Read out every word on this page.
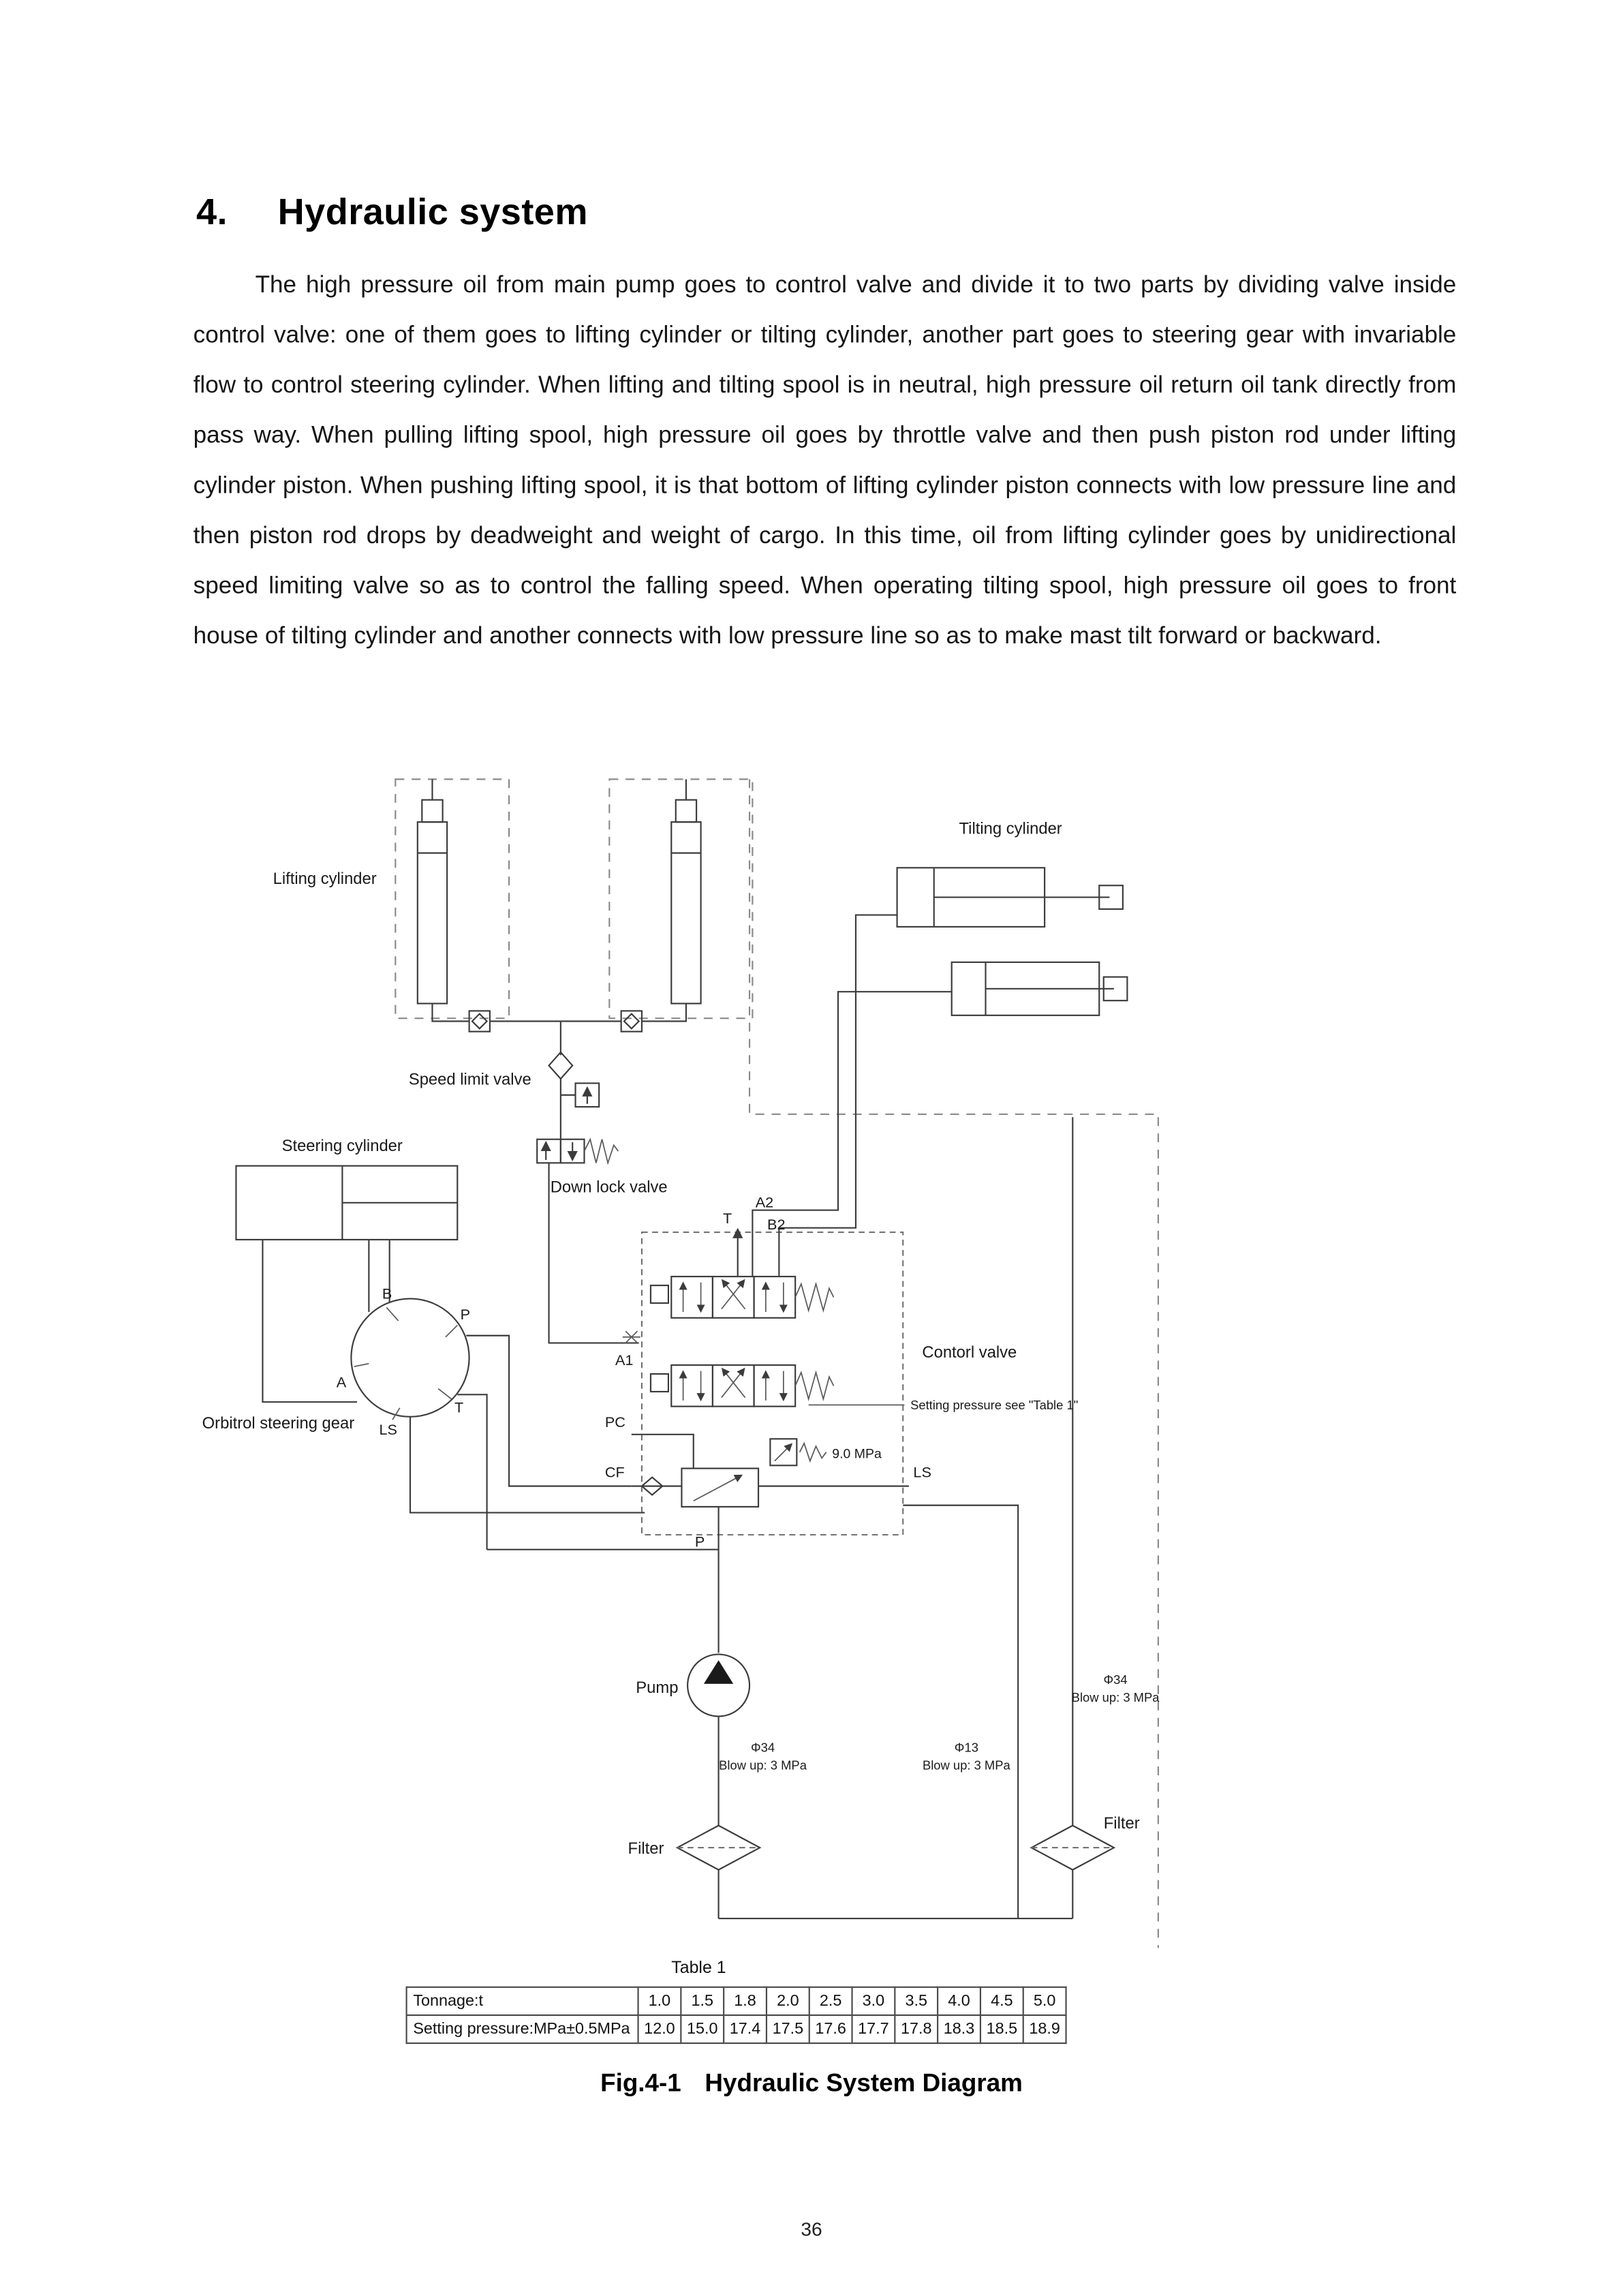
4.	Hydraulic system

The high pressure oil from main pump goes to control valve and divide it to two parts by dividing valve inside control valve: one of them goes to lifting cylinder or tilting cylinder, another part goes to steering gear with invariable flow to control steering cylinder. When lifting and tilting spool is in neutral, high pressure oil return oil tank directly from pass way. When pulling lifting spool, high pressure oil goes by throttle valve and then push piston rod under lifting cylinder piston. When pushing lifting spool, it is that bottom of lifting cylinder piston connects with low pressure line and then piston rod drops by deadweight and weight of cargo. In this time, oil from lifting cylinder goes by unidirectional speed limiting valve so as to control the falling speed. When operating tilting spool, high pressure oil goes to front house of tilting cylinder and another connects with low pressure line so as to make mast tilt forward or backward.

Tilting cylinder
Lifting cylinder
Speed limit valve
Steering cylinder
Down lock valve
Orbitrol steering gear
Contorl valve
Setting pressure see "Table 1"
9.0 MPa
Pump
Filter
Filter
T
A2
B2
B
P
A
T
LS
A1
PC
CF	LS
P
Φ34
Blow up: 3 MPa
Φ13
Blow up: 3 MPa
Φ34
Blow up: 3 MPa
Table 1
Tonnage:t	1.0	1.5	1.8	2.0	2.5	3.0	3.5	4.0	4.5	5.0
Setting pressure:MPa±0.5MPa	12.0	15.0	17.4	17.5	17.6	17.7	17.8	18.3	18.5	18.9
Fig.4-1 Hydraulic System Diagram
36
